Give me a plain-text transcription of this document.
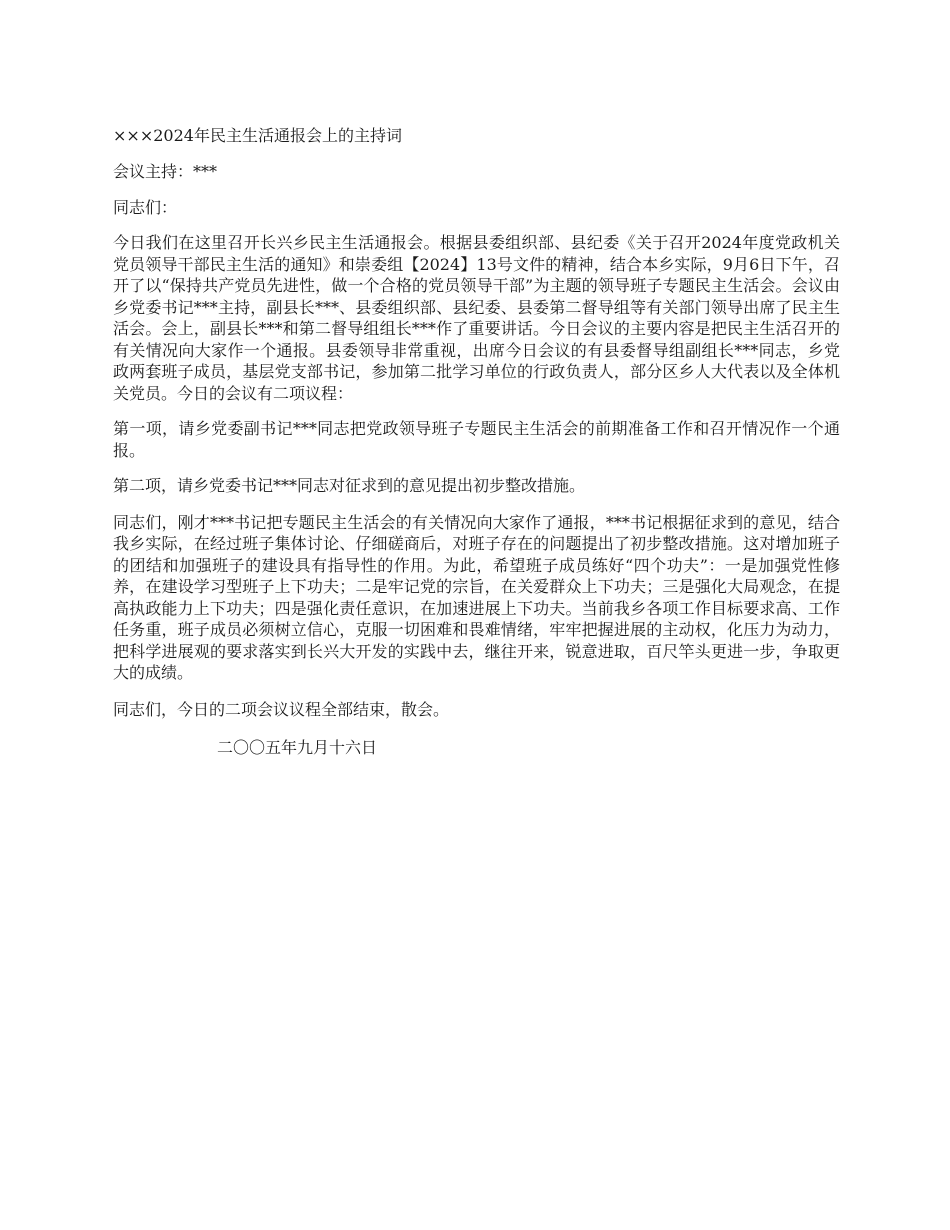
×××2024年民主生活通报会上的主持词

会议主持：***

同志们：

今日我们在这里召开长兴乡民主生活通报会。根据县委组织部、县纪委《关于召开2024年度党政机关党员领导干部民主生活的通知》和崇委组【2024】13号文件的精神，结合本乡实际，9月6日下午，召开了以“保持共产党员先进性，做一个合格的党员领导干部”为主题的领导班子专题民主生活会。会议由乡党委书记***主持，副县长***、县委组织部、县纪委、县委第二督导组等有关部门领导出席了民主生活会。会上，副县长***和第二督导组组长***作了重要讲话。今日会议的主要内容是把民主生活召开的有关情况向大家作一个通报。县委领导非常重视，出席今日会议的有县委督导组副组长***同志，乡党政两套班子成员，基层党支部书记，参加第二批学习单位的行政负责人，部分区乡人大代表以及全体机关党员。今日的会议有二项议程：

第一项，请乡党委副书记***同志把党政领导班子专题民主生活会的前期准备工作和召开情况作一个通报。

第二项，请乡党委书记***同志对征求到的意见提出初步整改措施。

同志们，刚才***书记把专题民主生活会的有关情况向大家作了通报，***书记根据征求到的意见，结合我乡实际，在经过班子集体讨论、仔细磋商后，对班子存在的问题提出了初步整改措施。这对增加班子的团结和加强班子的建设具有指导性的作用。为此，希望班子成员练好“四个功夫”：一是加强党性修养，在建设学习型班子上下功夫；二是牢记党的宗旨，在关爱群众上下功夫；三是强化大局观念，在提高执政能力上下功夫；四是强化责任意识，在加速进展上下功夫。当前我乡各项工作目标要求高、工作任务重，班子成员必须树立信心，克服一切困难和畏难情绪，牢牢把握进展的主动权，化压力为动力，把科学进展观的要求落实到长兴大开发的实践中去，继往开来，锐意进取，百尺竿头更进一步，争取更大的成绩。

同志们，今日的二项会议议程全部结束，散会。

二〇〇五年九月十六日
